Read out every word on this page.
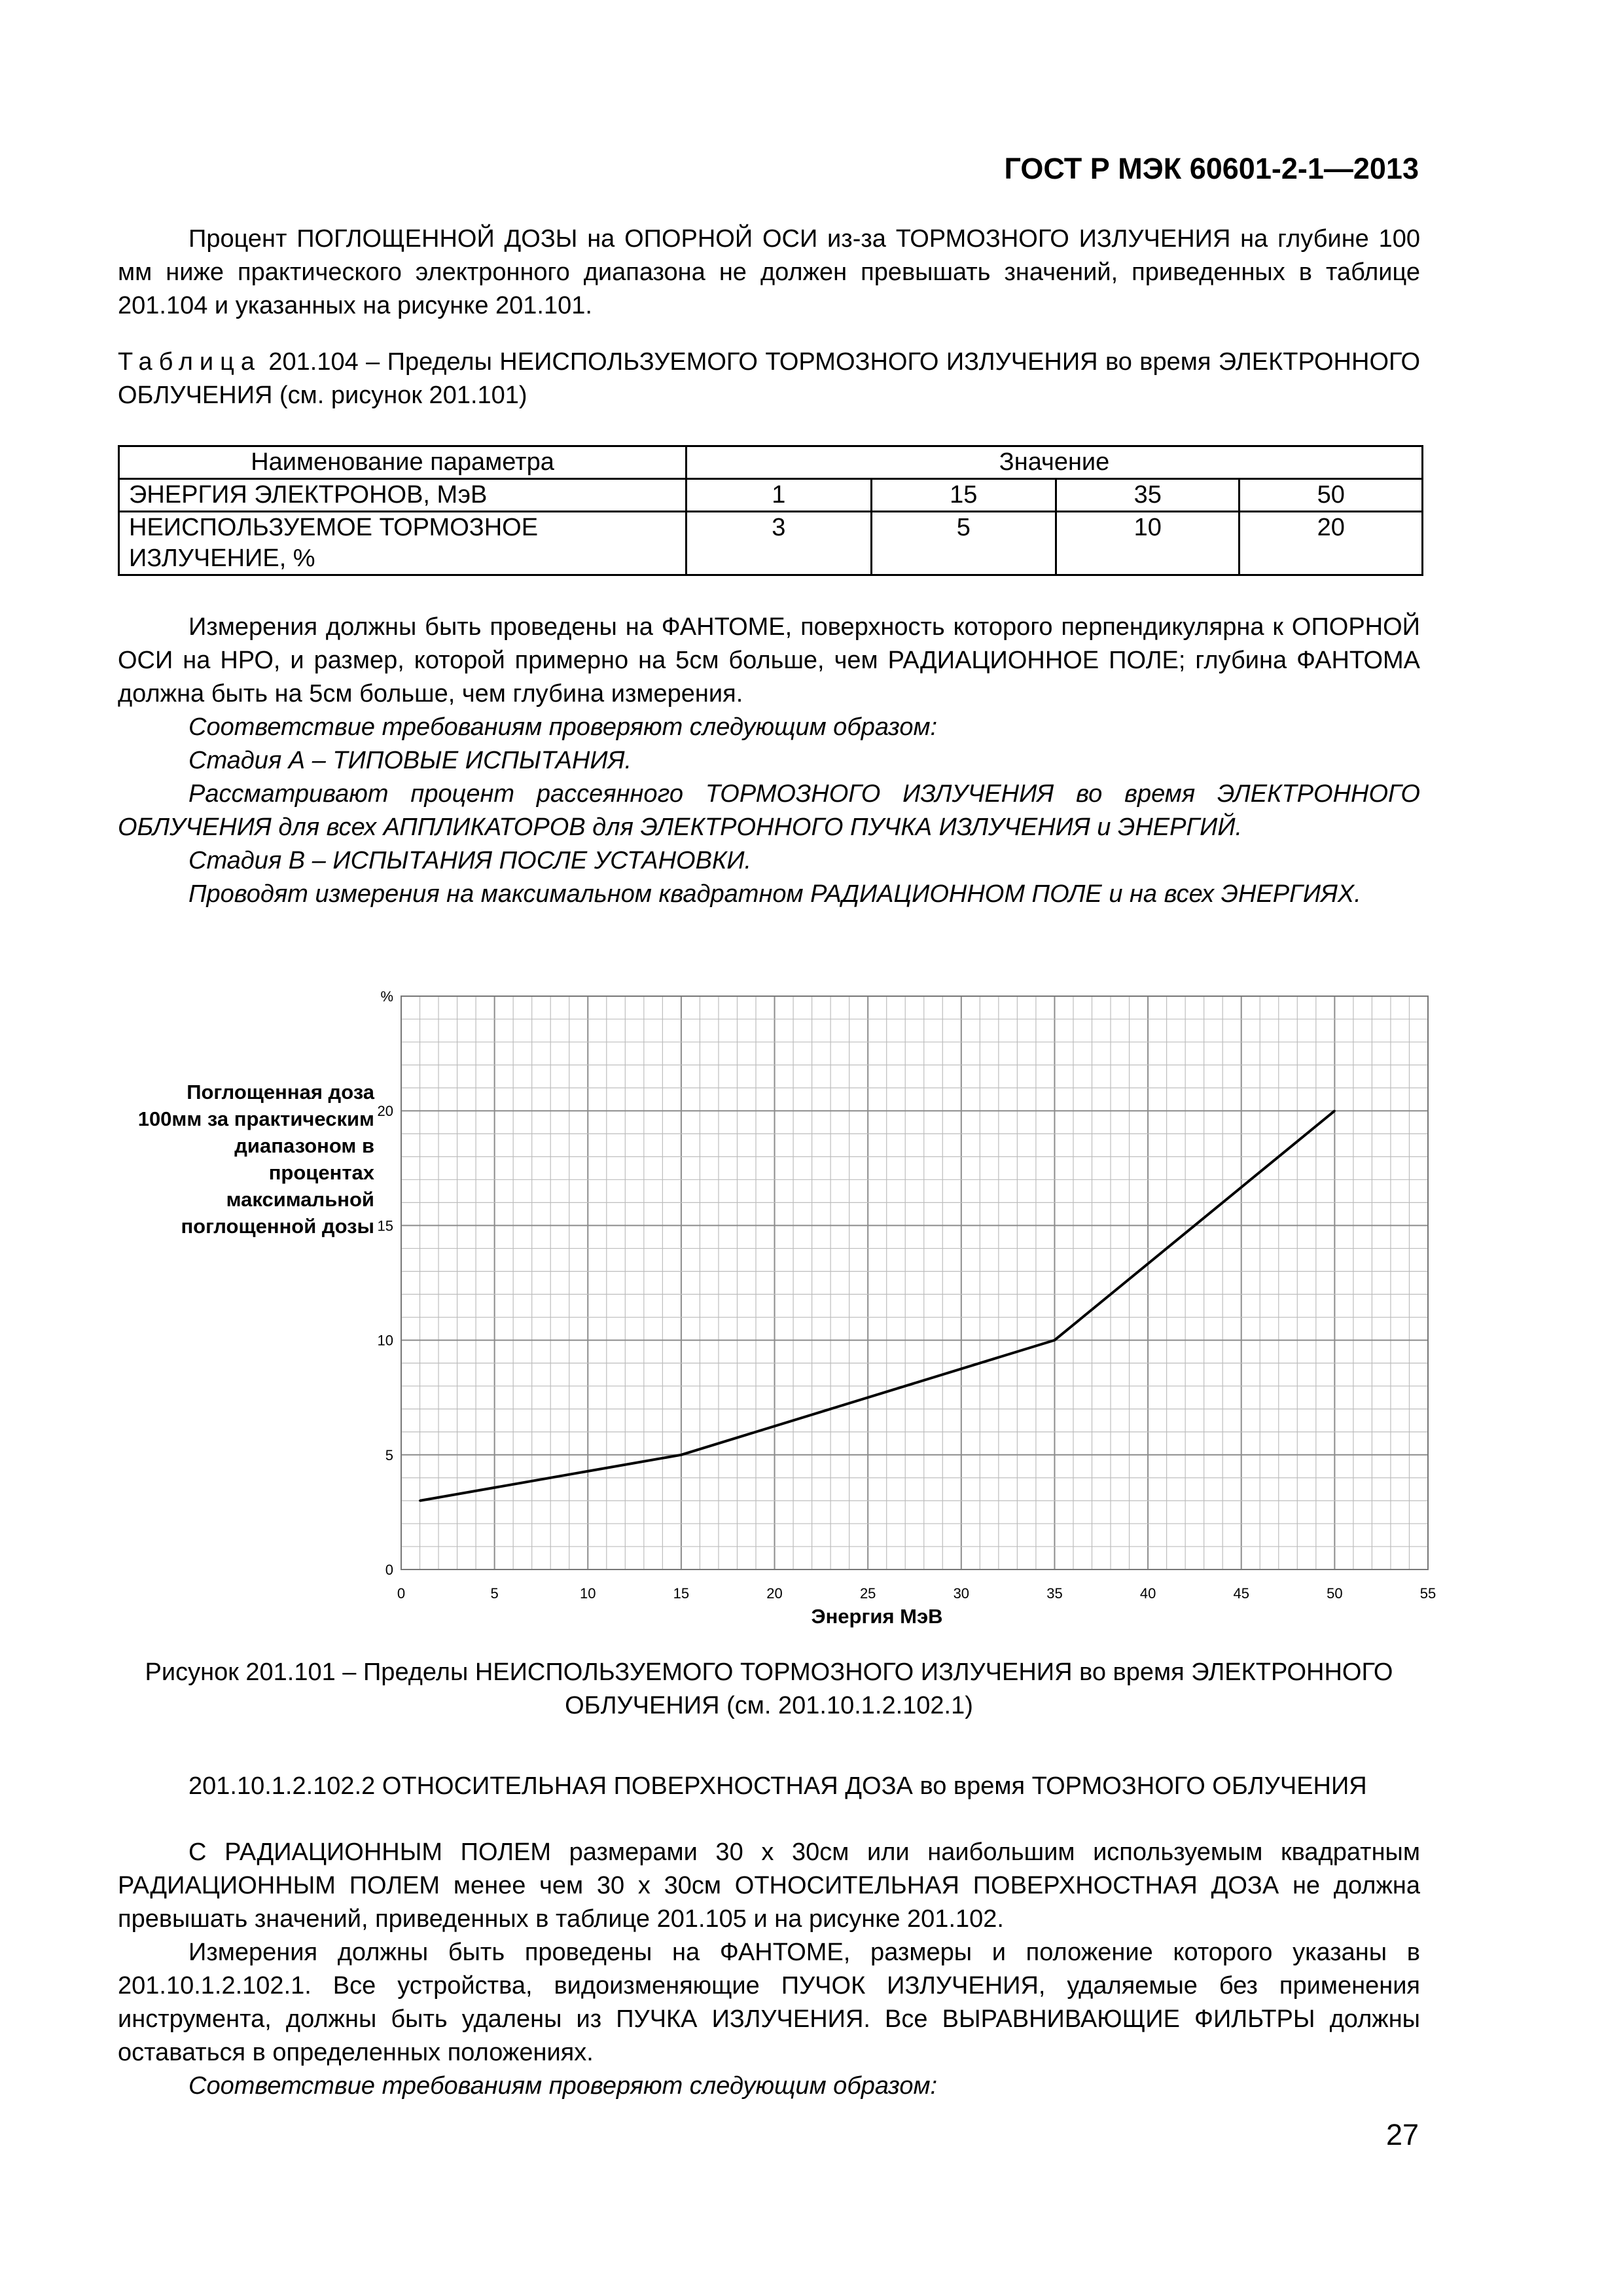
ГОСТ Р МЭК 60601-2-1—2013
Процент ПОГЛОЩЕННОЙ ДОЗЫ на ОПОРНОЙ ОСИ из-за ТОРМОЗНОГО ИЗЛУЧЕНИЯ на глубине 100 мм ниже практического электронного диапазона не должен превышать значений, приведенных в таблице 201.104 и указанных на рисунке 201.101.
Таблица 201.104 – Пределы НЕИСПОЛЬЗУЕМОГО ТОРМОЗНОГО ИЗЛУЧЕНИЯ во время ЭЛЕКТРОННОГО ОБЛУЧЕНИЯ (см. рисунок 201.101)
Наименование параметра	Значение			
ЭНЕРГИЯ ЭЛЕКТРОНОВ, МэВ	1	15	35	50
НЕИСПОЛЬЗУЕМОЕ ТОРМОЗНОЕ ИЗЛУЧЕНИЕ, %	3	5	10	20
Измерения должны быть проведены на ФАНТОМЕ, поверхность которого перпендикулярна к ОПОРНОЙ ОСИ на НРО, и размер, которой примерно на 5см больше, чем РАДИАЦИОННОЕ ПОЛЕ; глубина ФАНТОМА должна быть на 5см больше, чем глубина измерения.
Соответствие требованиям проверяют следующим образом:
Стадия А – ТИПОВЫЕ ИСПЫТАНИЯ.
Рассматривают процент рассеянного ТОРМОЗНОГО ИЗЛУЧЕНИЯ во время ЭЛЕКТРОННОГО ОБЛУЧЕНИЯ для всех АППЛИКАТОРОВ для ЭЛЕКТРОННОГО ПУЧКА ИЗЛУЧЕНИЯ и ЭНЕРГИЙ.
Стадия В – ИСПЫТАНИЯ ПОСЛЕ УСТАНОВКИ.
Проводят измерения на максимальном квадратном РАДИАЦИОННОМ ПОЛЕ и на всех ЭНЕРГИЯХ.
Поглощенная доза 100мм за практическим диапазоном в процентах максимальной поглощенной дозы
0	5	10	15	20	25	30	35	40	45	50	55
0
5
10
15
20
%
Энергия МэВ
Рисунок 201.101 – Пределы НЕИСПОЛЬЗУЕМОГО ТОРМОЗНОГО ИЗЛУЧЕНИЯ во время ЭЛЕКТРОННОГО ОБЛУЧЕНИЯ (см. 201.10.1.2.102.1)
201.10.1.2.102.2 ОТНОСИТЕЛЬНАЯ ПОВЕРХНОСТНАЯ ДОЗА во время ТОРМОЗНОГО ОБЛУЧЕНИЯ
С РАДИАЦИОННЫМ ПОЛЕМ размерами 30 х 30см или наибольшим используемым квадратным РАДИАЦИОННЫМ ПОЛЕМ менее чем 30 х 30см ОТНОСИТЕЛЬНАЯ ПОВЕРХНОСТНАЯ ДОЗА не должна превышать значений, приведенных в таблице 201.105 и на рисунке 201.102.
Измерения должны быть проведены на ФАНТОМЕ, размеры и положение которого указаны в 201.10.1.2.102.1. Все устройства, видоизменяющие ПУЧОК ИЗЛУЧЕНИЯ, удаляемые без применения инструмента, должны быть удалены из ПУЧКА ИЗЛУЧЕНИЯ. Все ВЫРАВНИВАЮЩИЕ ФИЛЬТРЫ должны оставаться в определенных положениях.
Соответствие требованиям проверяют следующим образом:
27
